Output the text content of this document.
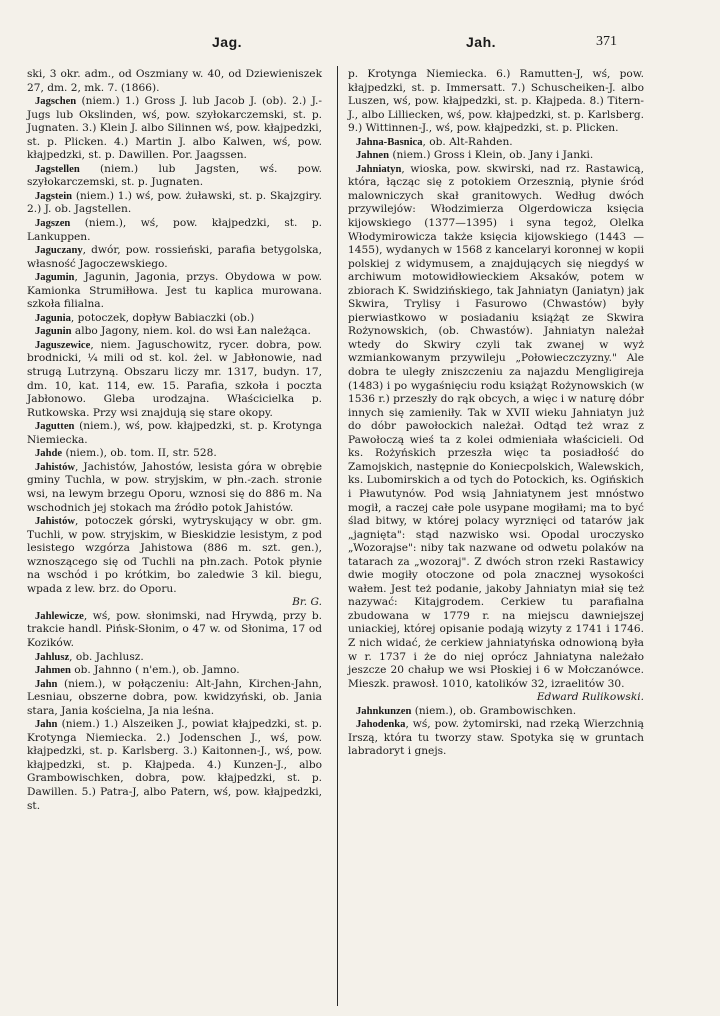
Jag.	Jah.	371

ski, 3 okr. adm., od Oszmiany w. 40, od Dziewieniszek 27, dm. 2, mk. 7. (1866).

Jagschen (niem.) 1.) Gross J. lub Jacob J. (ob). 2.) J.-Jugs lub Okslinden, wś, pow. szyłokarczemski, st. p. Jugnaten. 3.) Klein J. albo Silinnen wś, pow. kłajpedzki, st. p. Plicken. 4.) Martin J. albo Kalwen, wś, pow. kłajpedzki, st. p. Dawillen. Por. Jaagssen.

Jagstellen (niem.) lub Jagsten, wś. pow. szyłokarczemski, st. p. Jugnaten.

Jagstein (niem.) 1.) wś, pow. żuławski, st. p. Skajzgiry. 2.) J. ob. Jagstellen.

Jagszen (niem.), wś, pow. kłajpedzki, st. p. Lankuppen.

Jaguczany, dwór, pow. rossieński, parafia betygolska, własność Jagoczewskiego.

Jagumin, Jagunin, Jagonia, przys. Obydowa w pow. Kamionka Strumiłłowa. Jest tu kaplica murowana. szkoła filialna.

Jagunia, potoczek, dopływ Babiaczki (ob.)

Jagunin albo Jagony, niem. kol. do wsi Łan należąca.

Jaguszewice, niem. Jaguschowitz, rycer. dobra, pow. brodnicki, ¼ mili od st. kol. żel. w Jabłonowie, nad strugą Lutrzyną. Obszaru liczy mr. 1317, budyn. 17, dm. 10, kat. 114, ew. 15. Parafia, szkoła i poczta Jabłonowo. Gleba urodzajna. Właścicielka p. Rutkowska. Przy wsi znajdują się stare okopy.

Jagutten (niem.), wś, pow. kłajpedzki, st. p. Krotynga Niemiecka.

Jahde (niem.), ob. tom. II, str. 528.

Jahistów, Jachistów, Jahostów, lesista góra w obrębie gminy Tuchla, w pow. stryjskim, w płn.-zach. stronie wsi, na lewym brzegu Oporu, wznosi się do 886 m. Na wschodnich jej stokach ma źródło potok Jahistów.

Jahistów, potoczek górski, wytryskujący w obr. gm. Tuchli, w pow. stryjskim, w Bieskidzie lesistym, z pod lesistego wzgórza Jahistowa (886 m. szt. gen.), wznoszącego się od Tuchli na płn.zach. Potok płynie na wschód i po krótkim, bo zaledwie 3 kil. biegu, wpada z lew. brz. do Oporu.

Br. G.

Jahlewicze, wś, pow. słonimski, nad Hrywdą, przy b. trakcie handl. Pińsk-Słonim, o 47 w. od Słonima, 17 od Kozików.

Jahlusz, ob. Jachlusz.

Jahmen ob. Jahnno ( n'em.), ob. Jamno.

Jahn (niem.), w połączeniu: Alt-Jahn, Kirchen-Jahn, Lesniau, obszerne dobra, pow. kwidzyński, ob. Jania stara, Jania kościelna, Ja nia leśna.

Jahn (niem.) 1.) Alszeiken J., powiat kłajpedzki, st. p. Krotynga Niemiecka. 2.) Jodenschen J., wś, pow. kłajpedzki, st. p. Karlsberg. 3.) Kaitonnen-J., wś, pow. kłajpedzki, st. p. Kłajpeda. 4.) Kunzen-J., albo Grambowischken, dobra, pow. kłajpedzki, st. p. Dawillen. 5.) Patra-J, albo Patern, wś, pow. kłajpedzki, st.

p. Krotynga Niemiecka. 6.) Ramutten-J, wś, pow. kłajpedzki, st. p. Immersatt. 7.) Schuscheiken-J. albo Luszen, wś, pow. kłajpedzki, st. p. Kłajpeda. 8.) Titern-J., albo Lilliecken, wś, pow. kłajpedzki, st. p. Karlsberg. 9.) Wittinnen-J., wś, pow. kłajpedzki, st. p. Plicken.

Jahna-Basnica, ob. Alt-Rahden.

Jahnen (niem.) Gross i Klein, ob. Jany i Janki.

Jahniatyn, wioska, pow. skwirski, nad rz. Rastawicą, która, łącząc się z potokiem Orzesznią, płynie śród malowniczych skał granitowych. Według dwóch przywilejów: Włodzimierza Olgerdowicza księcia kijowskiego (1377—1395) i syna tegoż, Olelka Włodymirowicza także księcia kijowskiego (1443 — 1455), wydanych w 1568 z kancelaryi koronnej w kopii polskiej z widymusem, a znajdujących się niegdyś w archiwum motowidłowieckiem Aksaków, potem w zbiorach K. Swidzińskiego, tak Jahniatyn (Janiatyn) jak Skwira, Trylisy i Fasurowo (Chwastów) były pierwiastkowo w posiadaniu książąt ze Skwira Rożynowskich, (ob. Chwastów). Jahniatyn należał wtedy do Skwiry czyli tak zwanej w wyż wzmiankowanym przywileju „Połowieczczyzny." Ale dobra te uległy zniszczeniu za najazdu Mengligireja (1483) i po wygaśnięciu rodu książąt Rożynowskich (w 1536 r.) przeszły do rąk obcych, a więc i w naturę dóbr innych się zamieniły. Tak w XVII wieku Jahniatyn już do dóbr pawołockich należał. Odtąd też wraz z Pawołoczą wieś ta z kolei odmieniała właścicieli. Od ks. Rożyńskich przeszła więc ta posiadłość do Zamojskich, następnie do Koniecpolskich, Walewskich, ks. Lubomirskich a od tych do Potockich, ks. Ogińskich i Pławutynów. Pod wsią Jahniatynem jest mnóstwo mogił, a raczej całe pole usypane mogiłami; ma to być ślad bitwy, w której polacy wyrznięci od tatarów jak „jagnięta": stąd nazwisko wsi. Opodal uroczysko „Wozorajse": niby tak nazwane od odwetu polaków na tatarach za „wozoraj". Z dwóch stron rzeki Rastawicy dwie mogiły otoczone od pola znacznej wysokości wałem. Jest też podanie, jakoby Jahniatyn miał się też nazywać: Kitajgrodem. Cerkiew tu parafialna zbudowana w 1779 r. na miejscu dawniejszej uniackiej, której opisanie podają wizyty z 1741 i 1746. Z nich widać, że cerkiew jahniatyńska odnowioną była w r. 1737 i że do niej oprócz Jahniatyna należało jeszcze 20 chałup we wsi Płoskiej i 6 w Mołczanówce. Mieszk. prawosł. 1010, katolików 32, izraelitów 30.

Edward Rulikowski.

Jahnkunzen (niem.), ob. Grambowischken.

Jahodenka, wś, pow. żytomirski, nad rzeką Wierzchnią Irszą, która tu tworzy staw. Spotyka się w gruntach labradoryt i gnejs.
